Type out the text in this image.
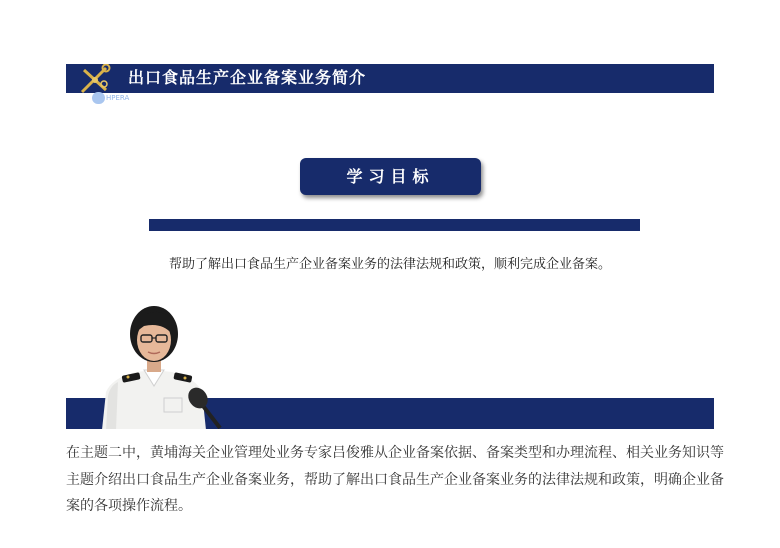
出口食品生产企业备案业务简介
HPERA
学习目标
帮助了解出口食品生产企业备案业务的法律法规和政策，顺利完成企业备案。
在主题二中，黄埔海关企业管理处业务专家吕俊雅从企业备案依据、备案类型和办理流程、相关业务知识等主题介绍出口食品生产企业备案业务，帮助了解出口食品生产企业备案业务的法律法规和政策，明确企业备案的各项操作流程。
